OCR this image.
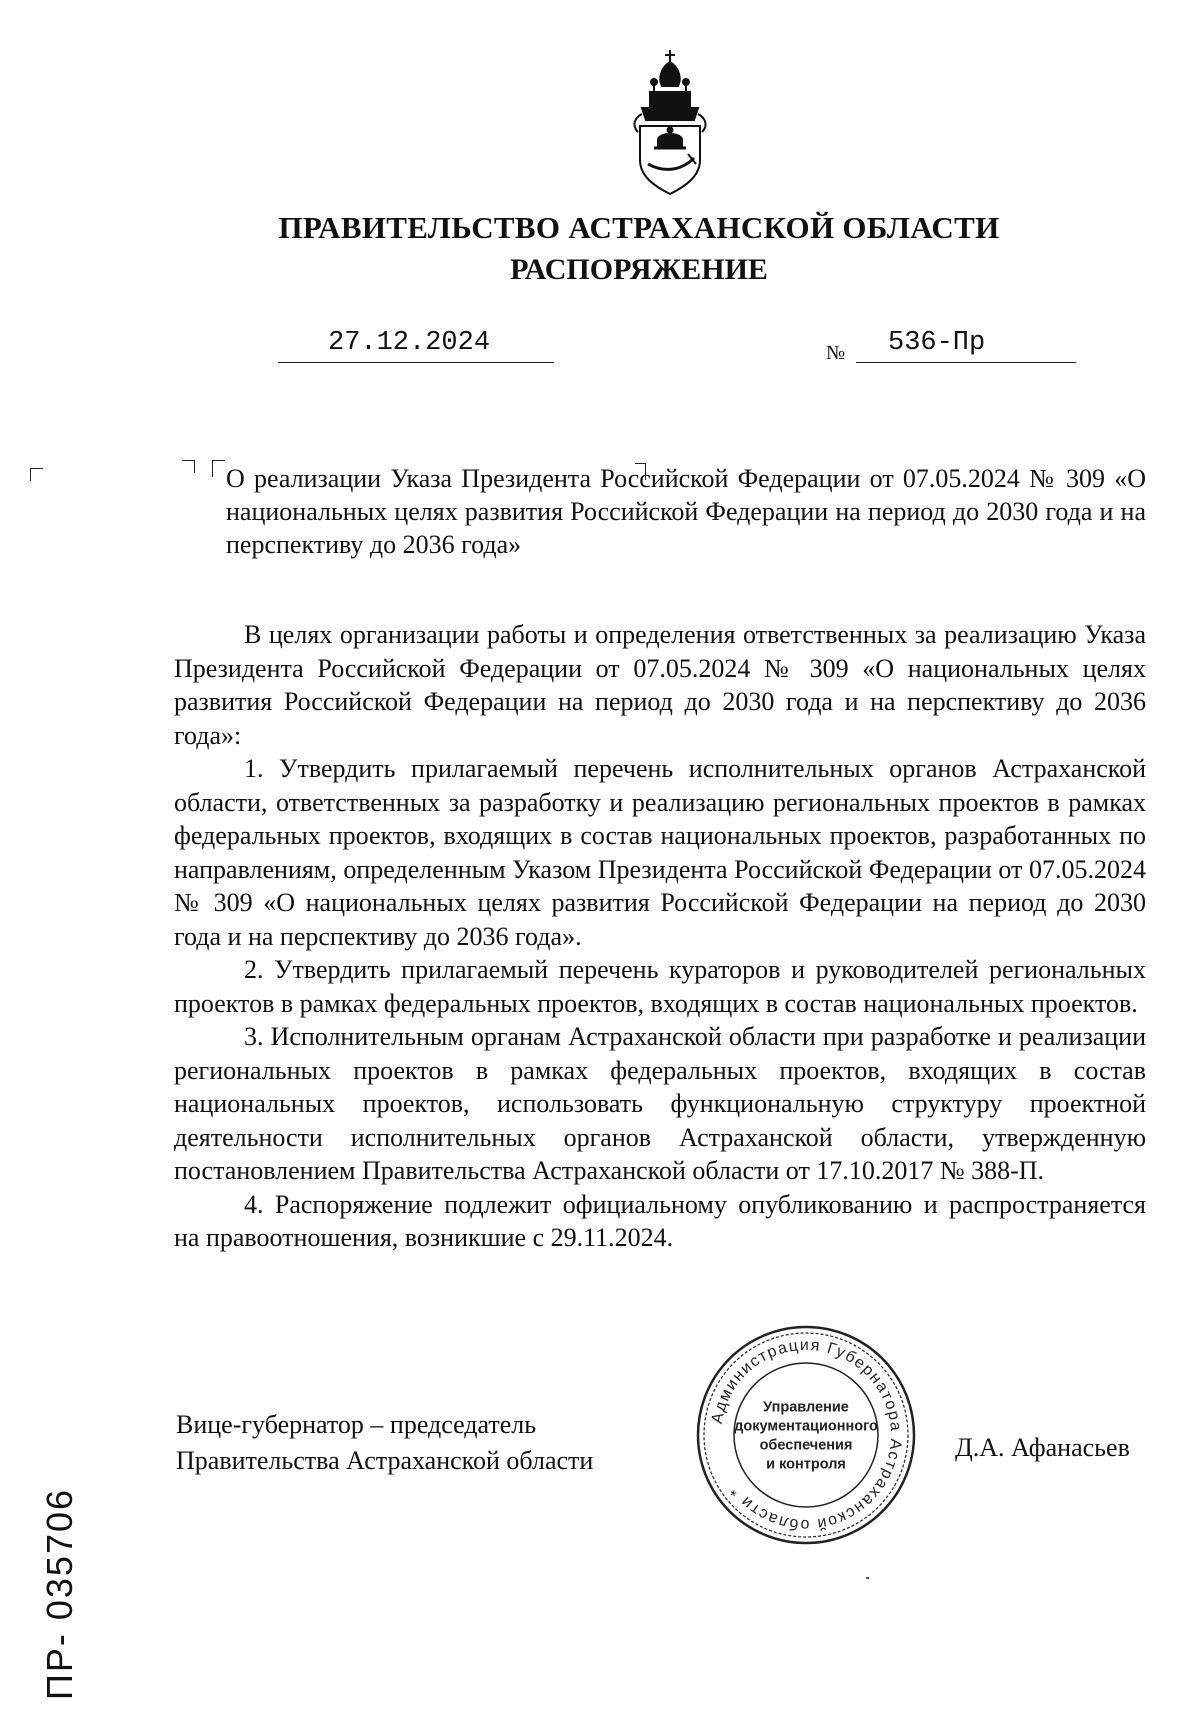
ПРАВИТЕЛЬСТВО АСТРАХАНСКОЙ ОБЛАСТИ
РАСПОРЯЖЕНИЕ
27.12.2024	№ 536-Пр
О реализации Указа Президента Российской Федерации от 07.05.2024 № 309 «О национальных целях развития Российской Федерации на период до 2030 года и на перспективу до 2036 года»

В целях организации работы и определения ответственных за реализацию Указа Президента Российской Федерации от 07.05.2024 № 309 «О национальных целях развития Российской Федерации на период до 2030 года и на перспективу до 2036 года»:

1. Утвердить прилагаемый перечень исполнительных органов Астраханской области, ответственных за разработку и реализацию региональных проектов в рамках федеральных проектов, входящих в состав национальных проектов, разработанных по направлениям, определенным Указом Президента Российской Федерации от 07.05.2024 № 309 «О национальных целях развития Российской Федерации на период до 2030 года и на перспективу до 2036 года».

2. Утвердить прилагаемый перечень кураторов и руководителей региональных проектов в рамках федеральных проектов, входящих в состав национальных проектов.

3. Исполнительным органам Астраханской области при разработке и реализации региональных проектов в рамках федеральных проектов, входящих в состав национальных проектов, использовать функциональную структуру проектной деятельности исполнительных органов Астраханской области, утвержденную постановлением Правительства Астраханской области от 17.10.2017 № 388-П.

4. Распоряжение подлежит официальному опубликованию и распространяется на правоотношения, возникшие с 29.11.2024.

Вице-губернатор – председатель
Правительства Астраханской области	Д.А. Афанасьев
Администрация Губернатора Астраханской области *
Управление
документационного
обеспечения
и контроля
ПР- 035706
